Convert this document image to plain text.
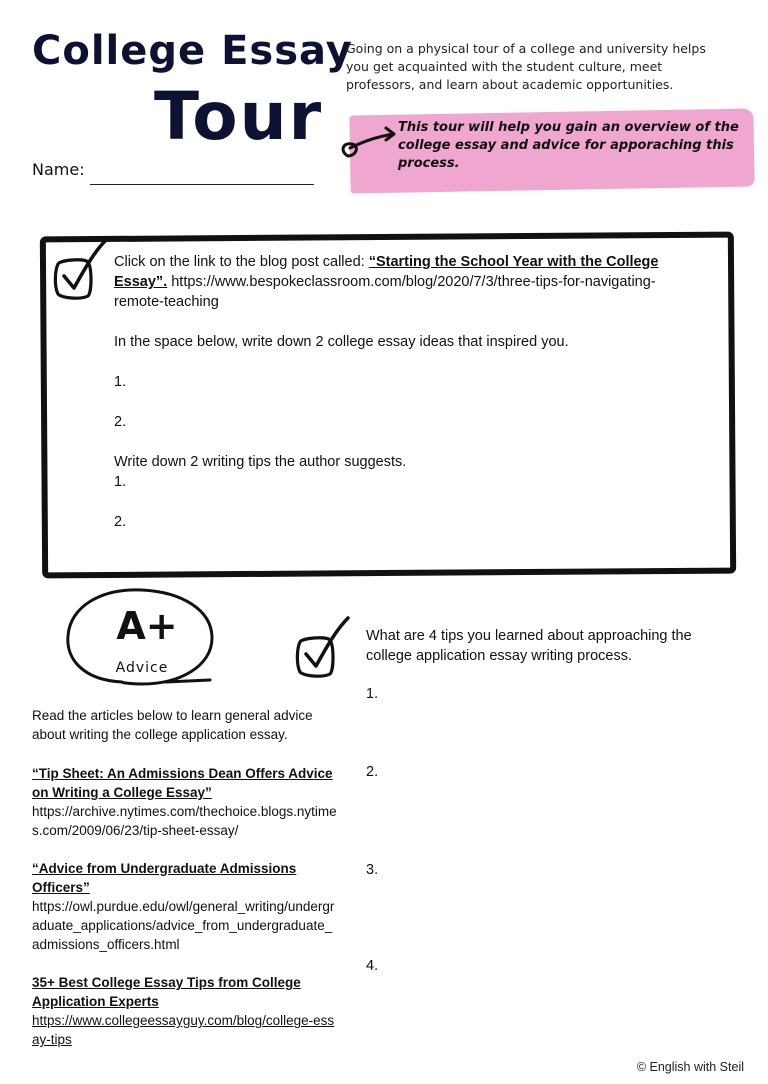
College Essay
Tour
Name:
Going on a physical tour of a college and university helps you get acquainted with the student culture, meet professors, and learn about academic opportunities.
This tour will help you gain an overview of the college essay and advice for apporaching this process.

Click on the link to the blog post called: “Starting the School Year with the College Essay”. https://www.bespokeclassroom.com/blog/2020/7/3/three-tips-for-navigating-remote-teaching

In the space below, write down 2 college essay ideas that inspired you.

1.

2.

Write down 2 writing tips the author suggests.

1.

2.

A+
Advice

Read the articles below to learn general advice about writing the college application essay.

“Tip Sheet: An Admissions Dean Offers Advice on Writing a College Essay”
https://archive.nytimes.com/thechoice.blogs.nytimes.com/2009/06/23/tip-sheet-essay/

“Advice from Undergraduate Admissions Officers”
https://owl.purdue.edu/owl/general_writing/undergraduate_applications/advice_from_undergraduate_admissions_officers.html

35+ Best College Essay Tips from College Application Experts
https://www.collegeessayguy.com/blog/college-essay-tips

What are 4 tips you learned about approaching the college application essay writing process.

1.
2.
3.
4.
© English with Steil
